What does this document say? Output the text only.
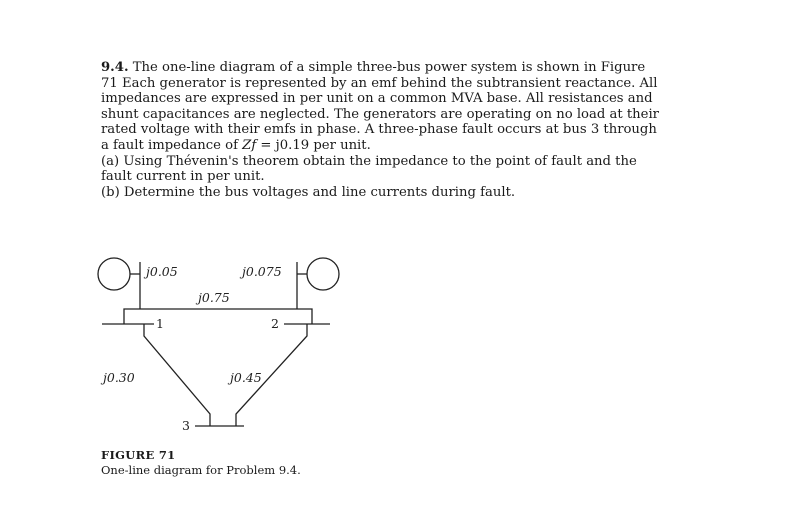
9.4. The one-line diagram of a simple three-bus power system is shown in Figure 71 Each generator is represented by an emf behind the subtransient reactance. All impedances are expressed in per unit on a common MVA base. All resistances and shunt capacitances are neglected. The generators are operating on no load at their rated voltage with their emfs in phase. A three-phase fault occurs at bus 3 through a fault impedance of Zf = j0.19 per unit.

(a) Using Thévenin's theorem obtain the impedance to the point of fault and the fault current in per unit.

(b) Determine the bus voltages and line currents during fault.

j0.05	j0.075
j0.75
j0.30	j0.45
1	2
3
FIGURE 71
One-line diagram for Problem 9.4.
